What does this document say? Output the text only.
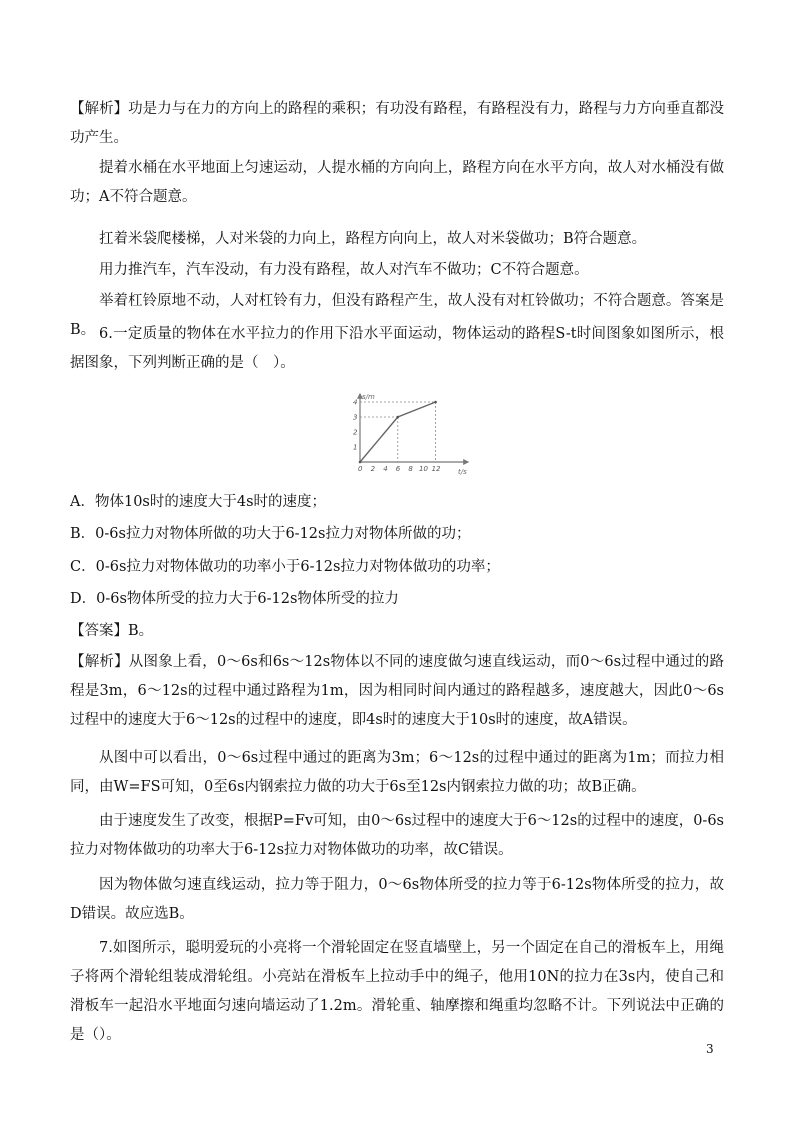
【解析】功是力与在力的方向上的路程的乘积；有功没有路程，有路程没有力，路程与力方向垂直都没功产生。

提着水桶在水平地面上匀速运动，人提水桶的方向向上，路程方向在水平方向，故人对水桶没有做功；A不符合题意。

扛着米袋爬楼梯，人对米袋的力向上，路程方向向上，故人对米袋做功；B符合题意。

用力推汽车，汽车没动，有力没有路程，故人对汽车不做功；C不符合题意。

举着杠铃原地不动，人对杠铃有力，但没有路程产生，故人没有对杠铃做功；不符合题意。答案是B。 6.一定质量的物体在水平拉力的作用下沿水平面运动，物体运动的路程S-t时间图象如图所示，根据图象，下列判断正确的是（　）。

1
2
3
4
0 2 4 6 8 10 12
s/m
t/s

A．物体10s时的速度大于4s时的速度；

B．0-6s拉力对物体所做的功大于6-12s拉力对物体所做的功；

C．0-6s拉力对物体做功的功率小于6-12s拉力对物体做功的功率；

D．0-6s物体所受的拉力大于6-12s物体所受的拉力

【答案】B。

【解析】从图象上看，0～6s和6s～12s物体以不同的速度做匀速直线运动，而0～6s过程中通过的路程是3m，6～12s的过程中通过路程为1m，因为相同时间内通过的路程越多，速度越大，因此0～6s过程中的速度大于6～12s的过程中的速度，即4s时的速度大于10s时的速度，故A错误。

从图中可以看出，0～6s过程中通过的距离为3m；6～12s的过程中通过的距离为1m；而拉力相同，由W=FS可知，0至6s内钢索拉力做的功大于6s至12s内钢索拉力做的功；故B正确。

由于速度发生了改变，根据P=Fv可知，由0～6s过程中的速度大于6～12s的过程中的速度，0-6s拉力对物体做功的功率大于6-12s拉力对物体做功的功率，故C错误。

因为物体做匀速直线运动，拉力等于阻力，0～6s物体所受的拉力等于6-12s物体所受的拉力，故D错误。故应选B。

7.如图所示，聪明爱玩的小亮将一个滑轮固定在竖直墙壁上，另一个固定在自己的滑板车上，用绳子将两个滑轮组装成滑轮组。小亮站在滑板车上拉动手中的绳子，他用10N的拉力在3s内，使自己和滑板车一起沿水平地面匀速向墙运动了1.2m。滑轮重、轴摩擦和绳重均忽略不计。下列说法中正确的是（）。

3
